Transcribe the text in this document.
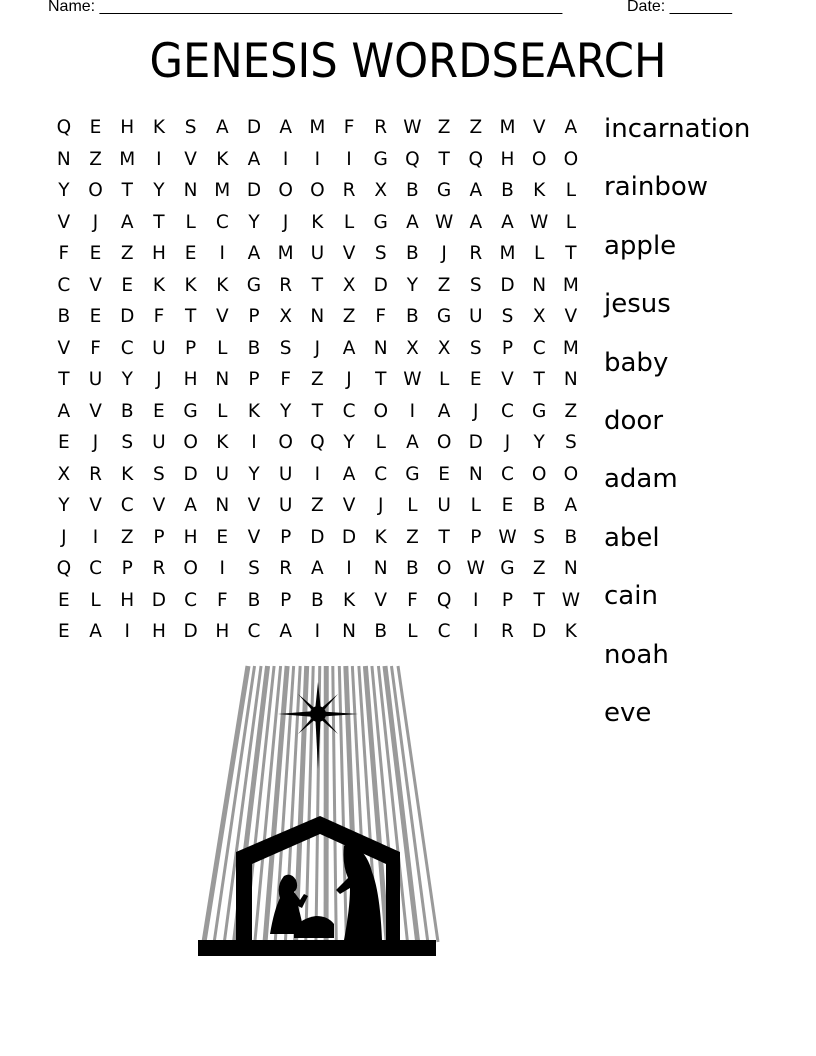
Name: ____________________________________________________	Date: _______
GENESIS WORDSEARCH
Q	E	H	K	S	A D A M F	R W Z	Z M V	A
N Z M	I	V	K	A	I	I	I	G Q	T	Q H O O
Y	O	T	Y	N M D O O R	X	B G A	B	K	L
V	J	A	T	L	C	Y	J	K	L	G A W A	A W L
F	E	Z H	E	I	A M U	V	S	B	J	R M	L	T
C	V	E	K	K	K G R	T	X D	Y	Z	S	D N M
B	E	D	F	T	V	P	X N Z	F	B G U	S	X	V
V	F	C U	P	L	B	S	J	A N X	X	S	P	C M
T	U	Y	J	H N	P	F	Z	J	T W L	E	V	T	N
A	V	B	E	G	L	K	Y	T	C O	I	A	J	C G Z
E	J	S	U O K	I	O Q	Y	L	A O D	J	Y	S
X	R	K	S	D U	Y	U	I	A	C G	E	N C O O
Y	V	C	V	A N V	U	Z	V	J	L	U	L	E	B	A
J	I	Z	P	H	E	V	P	D D K	Z	T	P W S	B
Q C	P	R O	I	S	R	A	I	N B O W G Z N
E	L	H D C	F	B	P	B	K	V	F	Q	I	P	T W
E	A	I	H D H C	A	I	N B	L	C	I	R D K
incarnation
rainbow
apple
jesus
baby
door
adam
abel
cain
noah
eve
